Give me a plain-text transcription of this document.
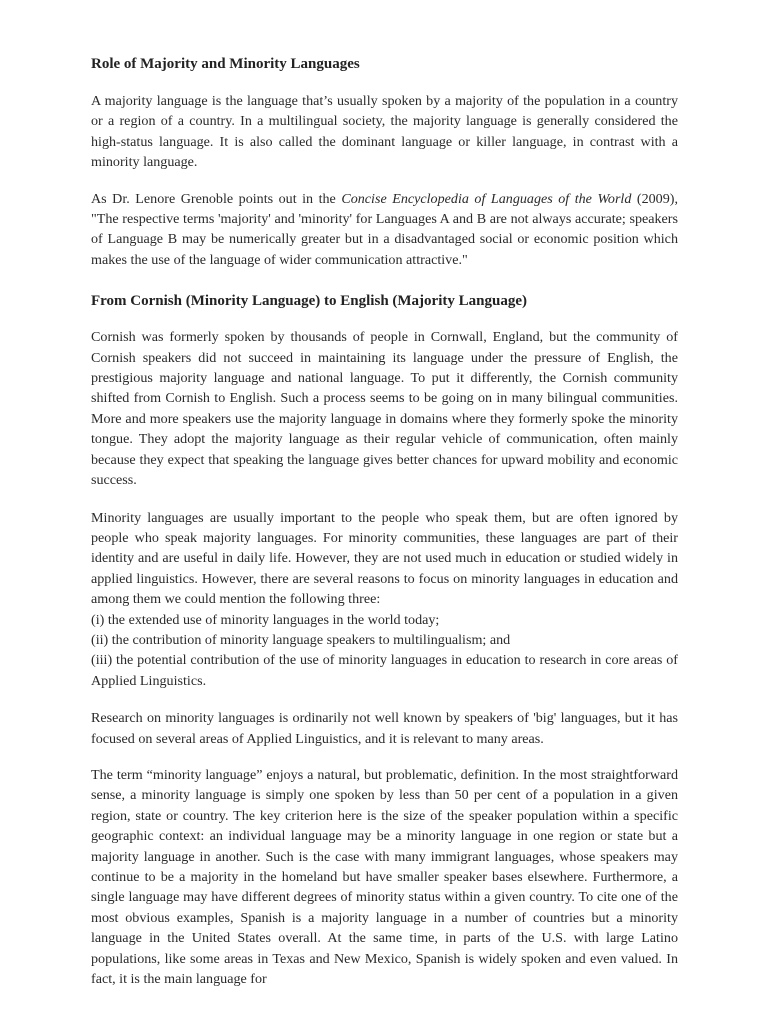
Role of Majority and Minority Languages

A majority language is the language that’s usually spoken by a majority of the population in a country or a region of a country. In a multilingual society, the majority language is generally considered the high-status language. It is also called the dominant language or killer language, in contrast with a minority language.

As Dr. Lenore Grenoble points out in the Concise Encyclopedia of Languages of the World (2009), "The respective terms 'majority' and 'minority' for Languages A and B are not always accurate; speakers of Language B may be numerically greater but in a disadvantaged social or economic position which makes the use of the language of wider communication attractive."

From Cornish (Minority Language) to English (Majority Language)

Cornish was formerly spoken by thousands of people in Cornwall, England, but the community of Cornish speakers did not succeed in maintaining its language under the pressure of English, the prestigious majority language and national language. To put it differently, the Cornish community shifted from Cornish to English. Such a process seems to be going on in many bilingual communities. More and more speakers use the majority language in domains where they formerly spoke the minority tongue. They adopt the majority language as their regular vehicle of communication, often mainly because they expect that speaking the language gives better chances for upward mobility and economic success.

Minority languages are usually important to the people who speak them, but are often ignored by people who speak majority languages. For minority communities, these languages are part of their identity and are useful in daily life. However, they are not used much in education or studied widely in applied linguistics. However, there are several reasons to focus on minority languages in education and among them we could mention the following three:
(i) the extended use of minority languages in the world today;
(ii) the contribution of minority language speakers to multilingualism; and
(iii) the potential contribution of the use of minority languages in education to research in core areas of Applied Linguistics.

Research on minority languages is ordinarily not well known by speakers of 'big' languages, but it has focused on several areas of Applied Linguistics, and it is relevant to many areas.

The term “minority language” enjoys a natural, but problematic, definition. In the most straightforward sense, a minority language is simply one spoken by less than 50 per cent of a population in a given region, state or country. The key criterion here is the size of the speaker population within a specific geographic context: an individual language may be a minority language in one region or state but a majority language in another. Such is the case with many immigrant languages, whose speakers may continue to be a majority in the homeland but have smaller speaker bases elsewhere. Furthermore, a single language may have different degrees of minority status within a given country. To cite one of the most obvious examples, Spanish is a majority language in a number of countries but a minority language in the United States overall. At the same time, in parts of the U.S. with large Latino populations, like some areas in Texas and New Mexico, Spanish is widely spoken and even valued. In fact, it is the main language for
